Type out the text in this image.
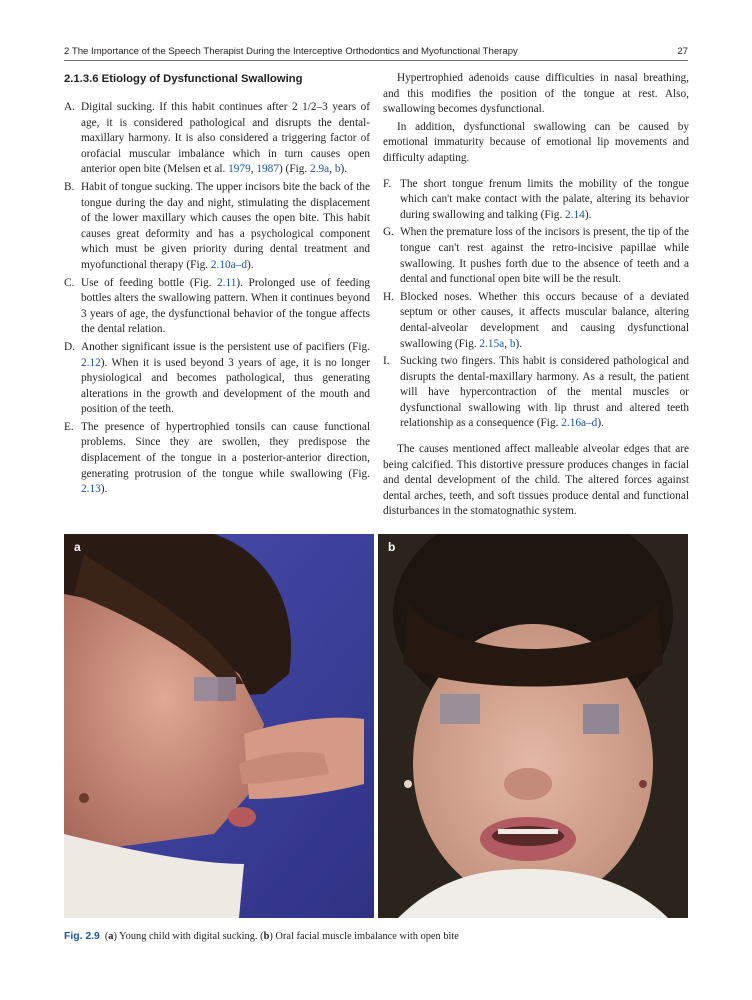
2 The Importance of the Speech Therapist During the Interceptive Orthodontics and Myofunctional Therapy	27
2.1.3.6 Etiology of Dysfunctional Swallowing
A. Digital sucking. If this habit continues after 2 1/2–3 years of age, it is considered pathological and disrupts the dental-maxillary harmony. It is also considered a triggering factor of orofacial muscular imbalance which in turn causes open anterior open bite (Melsen et al. 1979, 1987) (Fig. 2.9a, b).
B. Habit of tongue sucking. The upper incisors bite the back of the tongue during the day and night, stimulating the displacement of the lower maxillary which causes the open bite. This habit causes great deformity and has a psychological component which must be given priority during dental treatment and myofunctional therapy (Fig. 2.10a–d).
C. Use of feeding bottle (Fig. 2.11). Prolonged use of feeding bottles alters the swallowing pattern. When it continues beyond 3 years of age, the dysfunctional behavior of the tongue affects the dental relation.
D. Another significant issue is the persistent use of pacifiers (Fig. 2.12). When it is used beyond 3 years of age, it is no longer physiological and becomes pathological, thus generating alterations in the growth and development of the mouth and position of the teeth.
E. The presence of hypertrophied tonsils can cause functional problems. Since they are swollen, they predispose the displacement of the tongue in a posterior-anterior direction, generating protrusion of the tongue while swallowing (Fig. 2.13).

Hypertrophied adenoids cause difficulties in nasal breathing, and this modifies the position of the tongue at rest. Also, swallowing becomes dysfunctional.

In addition, dysfunctional swallowing can be caused by emotional immaturity because of emotional lip movements and difficulty adapting.

F. The short tongue frenum limits the mobility of the tongue which can't make contact with the palate, altering its behavior during swallowing and talking (Fig. 2.14).
G. When the premature loss of the incisors is present, the tip of the tongue can't rest against the retro-incisive papillae while swallowing. It pushes forth due to the absence of teeth and a dental and functional open bite will be the result.
H. Blocked noses. Whether this occurs because of a deviated septum or other causes, it affects muscular balance, altering dental-alveolar development and causing dysfunctional swallowing (Fig. 2.15a, b).
I. Sucking two fingers. This habit is considered pathological and disrupts the dental-maxillary harmony. As a result, the patient will have hypercontraction of the mental muscles or dysfunctional swallowing with lip thrust and altered teeth relationship as a consequence (Fig. 2.16a–d).

The causes mentioned affect malleable alveolar edges that are being calcified. This distortive pressure produces changes in facial and dental development of the child. The altered forces against dental arches, teeth, and soft tissues produce dental and functional disturbances in the stomatognathic system.

a	b
Fig. 2.9 (a) Young child with digital sucking. (b) Oral facial muscle imbalance with open bite
